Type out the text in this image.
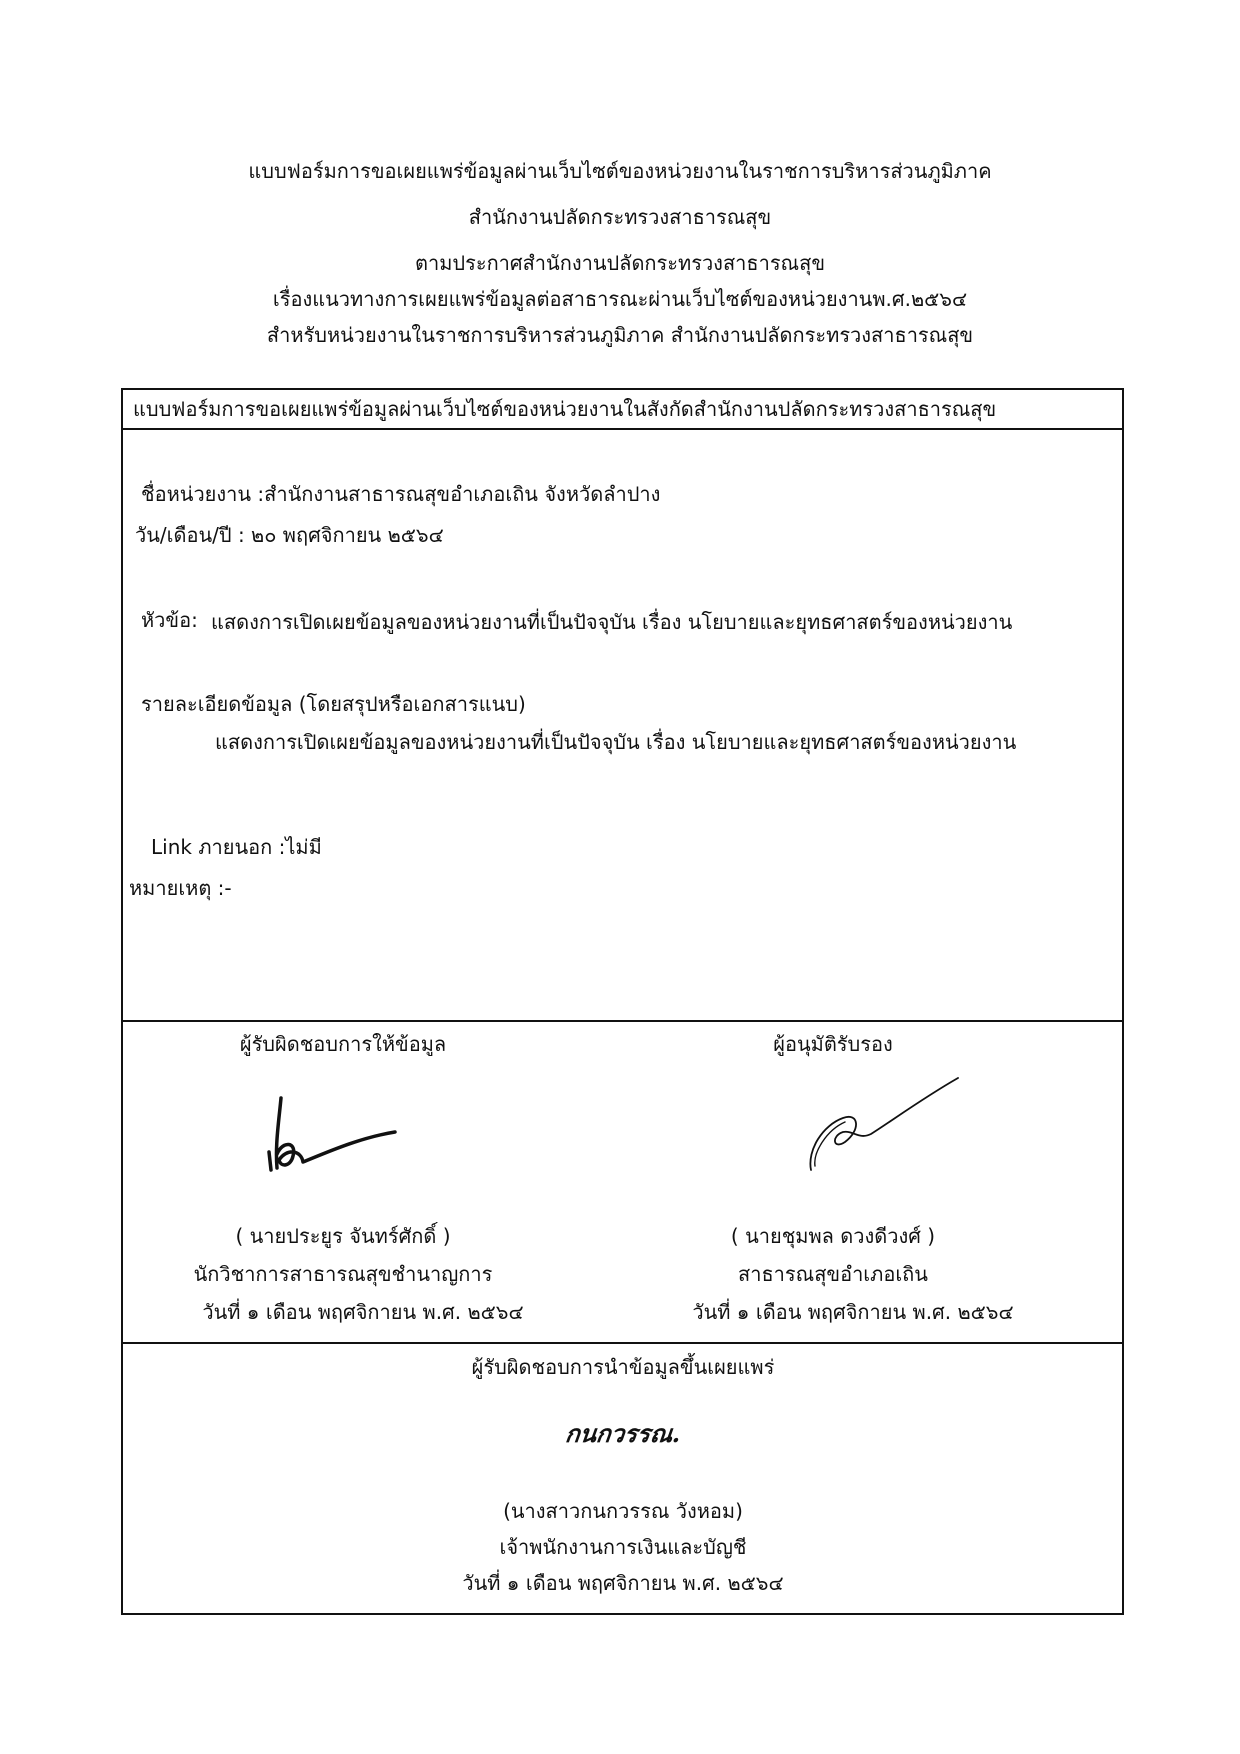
แบบฟอร์มการขอเผยแพร่ข้อมูลผ่านเว็บไซต์ของหน่วยงานในราชการบริหารส่วนภูมิภาค
สำนักงานปลัดกระทรวงสาธารณสุข
ตามประกาศสำนักงานปลัดกระทรวงสาธารณสุข
เรื่องแนวทางการเผยแพร่ข้อมูลต่อสาธารณะผ่านเว็บไซต์ของหน่วยงานพ.ศ.๒๕๖๔
สำหรับหน่วยงานในราชการบริหารส่วนภูมิภาค สำนักงานปลัดกระทรวงสาธารณสุข
แบบฟอร์มการขอเผยแพร่ข้อมูลผ่านเว็บไซต์ของหน่วยงานในสังกัดสำนักงานปลัดกระทรวงสาธารณสุข
ชื่อหน่วยงาน :สำนักงานสาธารณสุขอำเภอเถิน จังหวัดลำปาง
วัน/เดือน/ปี : ๒๐ พฤศจิกายน ๒๕๖๔
หัวข้อ: แสดงการเปิดเผยข้อมูลของหน่วยงานที่เป็นปัจจุบัน เรื่อง นโยบายและยุทธศาสตร์ของหน่วยงาน
รายละเอียดข้อมูล (โดยสรุปหรือเอกสารแนบ)
แสดงการเปิดเผยข้อมูลของหน่วยงานที่เป็นปัจจุบัน เรื่อง นโยบายและยุทธศาสตร์ของหน่วยงาน
Link ภายนอก :ไม่มี
หมายเหตุ :-
ผู้รับผิดชอบการให้ข้อมูล
( นายประยูร จันทร์ศักดิ์ )
นักวิชาการสาธารณสุขชำนาญการ
วันที่ ๑ เดือน พฤศจิกายน พ.ศ. ๒๕๖๔
ผู้อนุมัติรับรอง
( นายชุมพล ดวงดีวงศ์ )
สาธารณสุขอำเภอเถิน
วันที่ ๑ เดือน พฤศจิกายน พ.ศ. ๒๕๖๔
ผู้รับผิดชอบการนำข้อมูลขึ้นเผยแพร่
กนกวรรณ.
(นางสาวกนกวรรณ วังหอม)
เจ้าพนักงานการเงินและบัญชี
วันที่ ๑ เดือน พฤศจิกายน พ.ศ. ๒๕๖๔
